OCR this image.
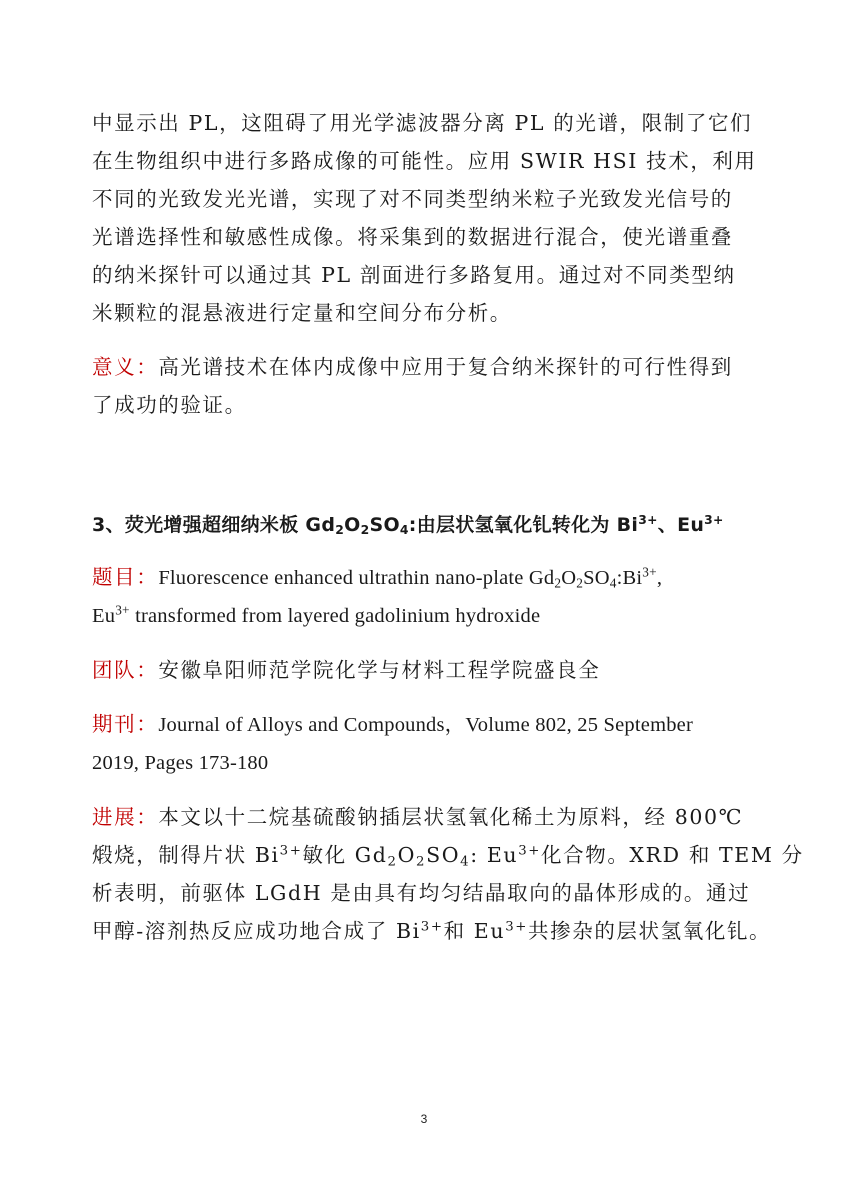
中显示出 PL，这阻碍了用光学滤波器分离 PL 的光谱，限制了它们
在生物组织中进行多路成像的可能性。应用 SWIR HSI 技术，利用
不同的光致发光光谱，实现了对不同类型纳米粒子光致发光信号的
光谱选择性和敏感性成像。将采集到的数据进行混合，使光谱重叠
的纳米探针可以通过其 PL 剖面进行多路复用。通过对不同类型纳
米颗粒的混悬液进行定量和空间分布分析。

意义：高光谱技术在体内成像中应用于复合纳米探针的可行性得到
了成功的验证。

3、荧光增强超细纳米板 $Gd_2O_2SO_4$:由层状氢氧化钆转化为 $Bi^{3+}$、$Eu^{3+}$

题目：Fluorescence enhanced ultrathin nano-plate $Gd_2O_2SO_4:Bi^{3+}$,
$Eu^{3+}$ transformed from layered gadolinium hydroxide

团队：安徽阜阳师范学院化学与材料工程学院盛良全

期刊：Journal of Alloys and Compounds，Volume 802, 25 September
2019, Pages 173-180

进展：本文以十二烷基硫酸钠插层状氢氧化稀土为原料，经 800℃
煅烧，制得片状 $Bi^{3+}$敏化 $Gd_2O_2SO_4$: $Eu^{3+}$化合物。XRD 和 TEM 分
析表明，前驱体 LGdH 是由具有均匀结晶取向的晶体形成的。通过
甲醇-溶剂热反应成功地合成了 $Bi^{3+}$和 $Eu^{3+}$共掺杂的层状氢氧化钆。

3
